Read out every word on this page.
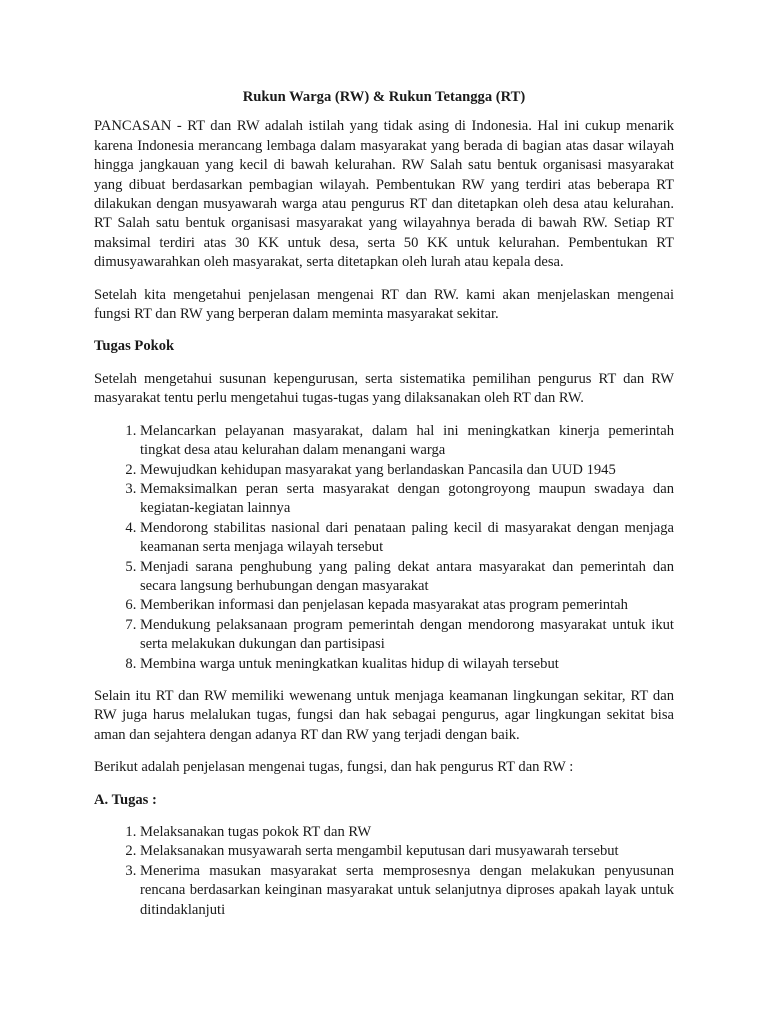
Rukun Warga (RW) & Rukun Tetangga (RT)

PANCASAN - RT dan RW adalah istilah yang tidak asing di Indonesia. Hal ini cukup menarik karena Indonesia merancang lembaga dalam masyarakat yang berada di bagian atas dasar wilayah hingga jangkauan yang kecil di bawah kelurahan. RW Salah satu bentuk organisasi masyarakat yang dibuat berdasarkan pembagian wilayah. Pembentukan RW yang terdiri atas beberapa RT dilakukan dengan musyawarah warga atau pengurus RT dan ditetapkan oleh desa atau kelurahan. RT Salah satu bentuk organisasi masyarakat yang wilayahnya berada di bawah RW. Setiap RT maksimal terdiri atas 30 KK untuk desa, serta 50 KK untuk kelurahan. Pembentukan RT dimusyawarahkan oleh masyarakat, serta ditetapkan oleh lurah atau kepala desa.

Setelah kita mengetahui penjelasan mengenai RT dan RW. kami akan menjelaskan mengenai fungsi RT dan RW yang berperan dalam meminta masyarakat sekitar.

Tugas Pokok

Setelah mengetahui susunan kepengurusan, serta sistematika pemilihan pengurus RT dan RW masyarakat tentu perlu mengetahui tugas-tugas yang dilaksanakan oleh RT dan RW.

1. Melancarkan pelayanan masyarakat, dalam hal ini meningkatkan kinerja pemerintah tingkat desa atau kelurahan dalam menangani warga
2. Mewujudkan kehidupan masyarakat yang berlandaskan Pancasila dan UUD 1945
3. Memaksimalkan peran serta masyarakat dengan gotongroyong maupun swadaya dan kegiatan-kegiatan lainnya
4. Mendorong stabilitas nasional dari penataan paling kecil di masyarakat dengan menjaga keamanan serta menjaga wilayah tersebut
5. Menjadi sarana penghubung yang paling dekat antara masyarakat dan pemerintah dan secara langsung berhubungan dengan masyarakat
6. Memberikan informasi dan penjelasan kepada masyarakat atas program pemerintah
7. Mendukung pelaksanaan program pemerintah dengan mendorong masyarakat untuk ikut serta melakukan dukungan dan partisipasi
8. Membina warga untuk meningkatkan kualitas hidup di wilayah tersebut

Selain itu RT dan RW memiliki wewenang untuk menjaga keamanan lingkungan sekitar, RT dan RW juga harus melalukan tugas, fungsi dan hak sebagai pengurus, agar lingkungan sekitat bisa aman dan sejahtera dengan adanya RT dan RW yang terjadi dengan baik.

Berikut adalah penjelasan mengenai tugas, fungsi, dan hak pengurus RT dan RW :

A. Tugas :
1. Melaksanakan tugas pokok RT dan RW
2. Melaksanakan musyawarah serta mengambil keputusan dari musyawarah tersebut
3. Menerima masukan masyarakat serta memprosesnya dengan melakukan penyusunan rencana berdasarkan keinginan masyarakat untuk selanjutnya diproses apakah layak untuk ditindaklanjuti
